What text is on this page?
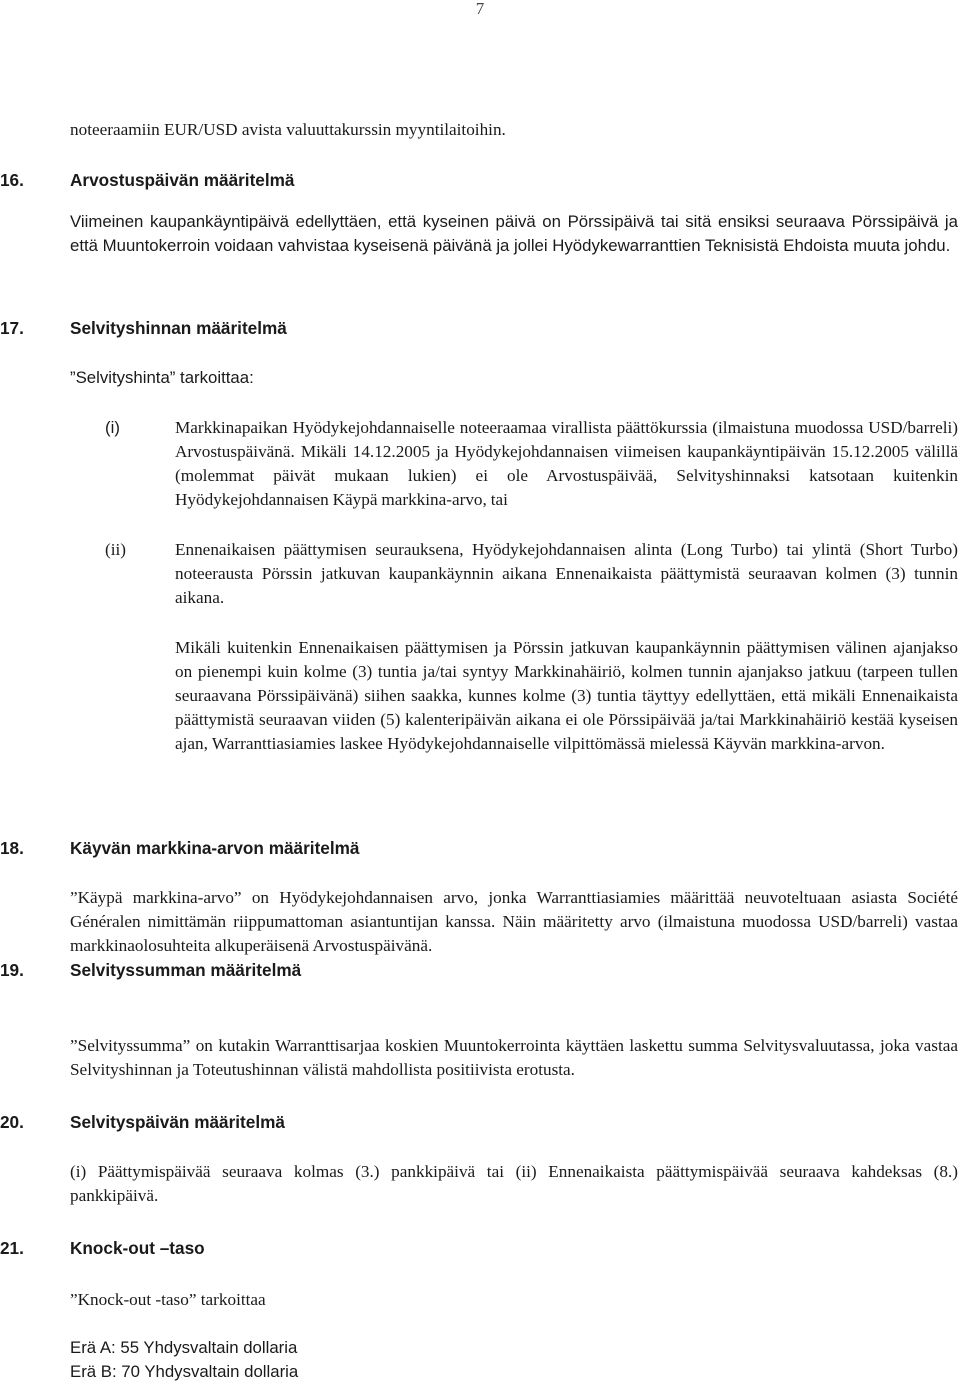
7

noteeraamiin EUR/USD avista valuuttakurssin myyntilaitoihin.

16.	Arvostuspäivän määritelmä

Viimeinen kaupankäyntipäivä edellyttäen, että kyseinen päivä on Pörssipäivä tai sitä ensiksi seuraava Pörssipäivä ja että Muuntokerroin voidaan vahvistaa kyseisenä päivänä ja jollei Hyödykewarranttien Teknisistä Ehdoista muuta johdu.

17.	Selvityshinnan määritelmä

”Selvityshinta” tarkoittaa:

(i)	Markkinapaikan Hyödykejohdannaiselle noteeraamaa virallista päättökurssia (ilmaistuna muodossa USD/barreli) Arvostuspäivänä. Mikäli 14.12.2005 ja Hyödykejohdannaisen viimeisen kaupankäyntipäivän 15.12.2005 välillä (molemmat päivät mukaan lukien) ei ole Arvostuspäivää, Selvityshinnaksi katsotaan kuitenkin Hyödykejohdannaisen Käypä markkina-arvo, tai

(ii)	Ennenaikaisen päättymisen seurauksena, Hyödykejohdannaisen alinta (Long Turbo) tai ylintä (Short Turbo) noteerausta Pörssin jatkuvan kaupankäynnin aikana Ennenaikaista päättymistä seuraavan kolmen (3) tunnin aikana.

Mikäli kuitenkin Ennenaikaisen päättymisen ja Pörssin jatkuvan kaupankäynnin päättymisen välinen ajanjakso on pienempi kuin kolme (3) tuntia ja/tai syntyy Markkinahäiriö, kolmen tunnin ajanjakso jatkuu (tarpeen tullen seuraavana Pörssipäivänä) siihen saakka, kunnes kolme (3) tuntia täyttyy edellyttäen, että mikäli Ennenaikaista päättymistä seuraavan viiden (5) kalenteripäivän aikana ei ole Pörssipäivää ja/tai Markkinahäiriö kestää kyseisen ajan, Warranttiasiamies laskee Hyödykejohdannaiselle vilpittömässä mielessä Käyvän markkina-arvon.

18.	Käyvän markkina-arvon määritelmä

”Käypä markkina-arvo” on Hyödykejohdannaisen arvo, jonka Warranttiasiamies määrittää neuvoteltuaan asiasta Société Généralen nimittämän riippumattoman asiantuntijan kanssa. Näin määritetty arvo (ilmaistuna muodossa USD/barreli) vastaa markkinaolosuhteita alkuperäisenä Arvostuspäivänä.

19.	Selvityssumman määritelmä

”Selvityssumma” on kutakin Warranttisarjaa koskien Muuntokerrointa käyttäen laskettu summa Selvitysvaluutassa, joka vastaa Selvityshinnan ja Toteutushinnan välistä mahdollista positiivista erotusta.

20.	Selvityspäivän määritelmä

(i) Päättymispäivää seuraava kolmas (3.) pankkipäivä tai (ii) Ennenaikaista päättymispäivää seuraava kahdeksas (8.) pankkipäivä.

21.	Knock-out –taso

”Knock-out -taso” tarkoittaa

Erä A: 55 Yhdysvaltain dollaria

Erä B: 70 Yhdysvaltain dollaria
